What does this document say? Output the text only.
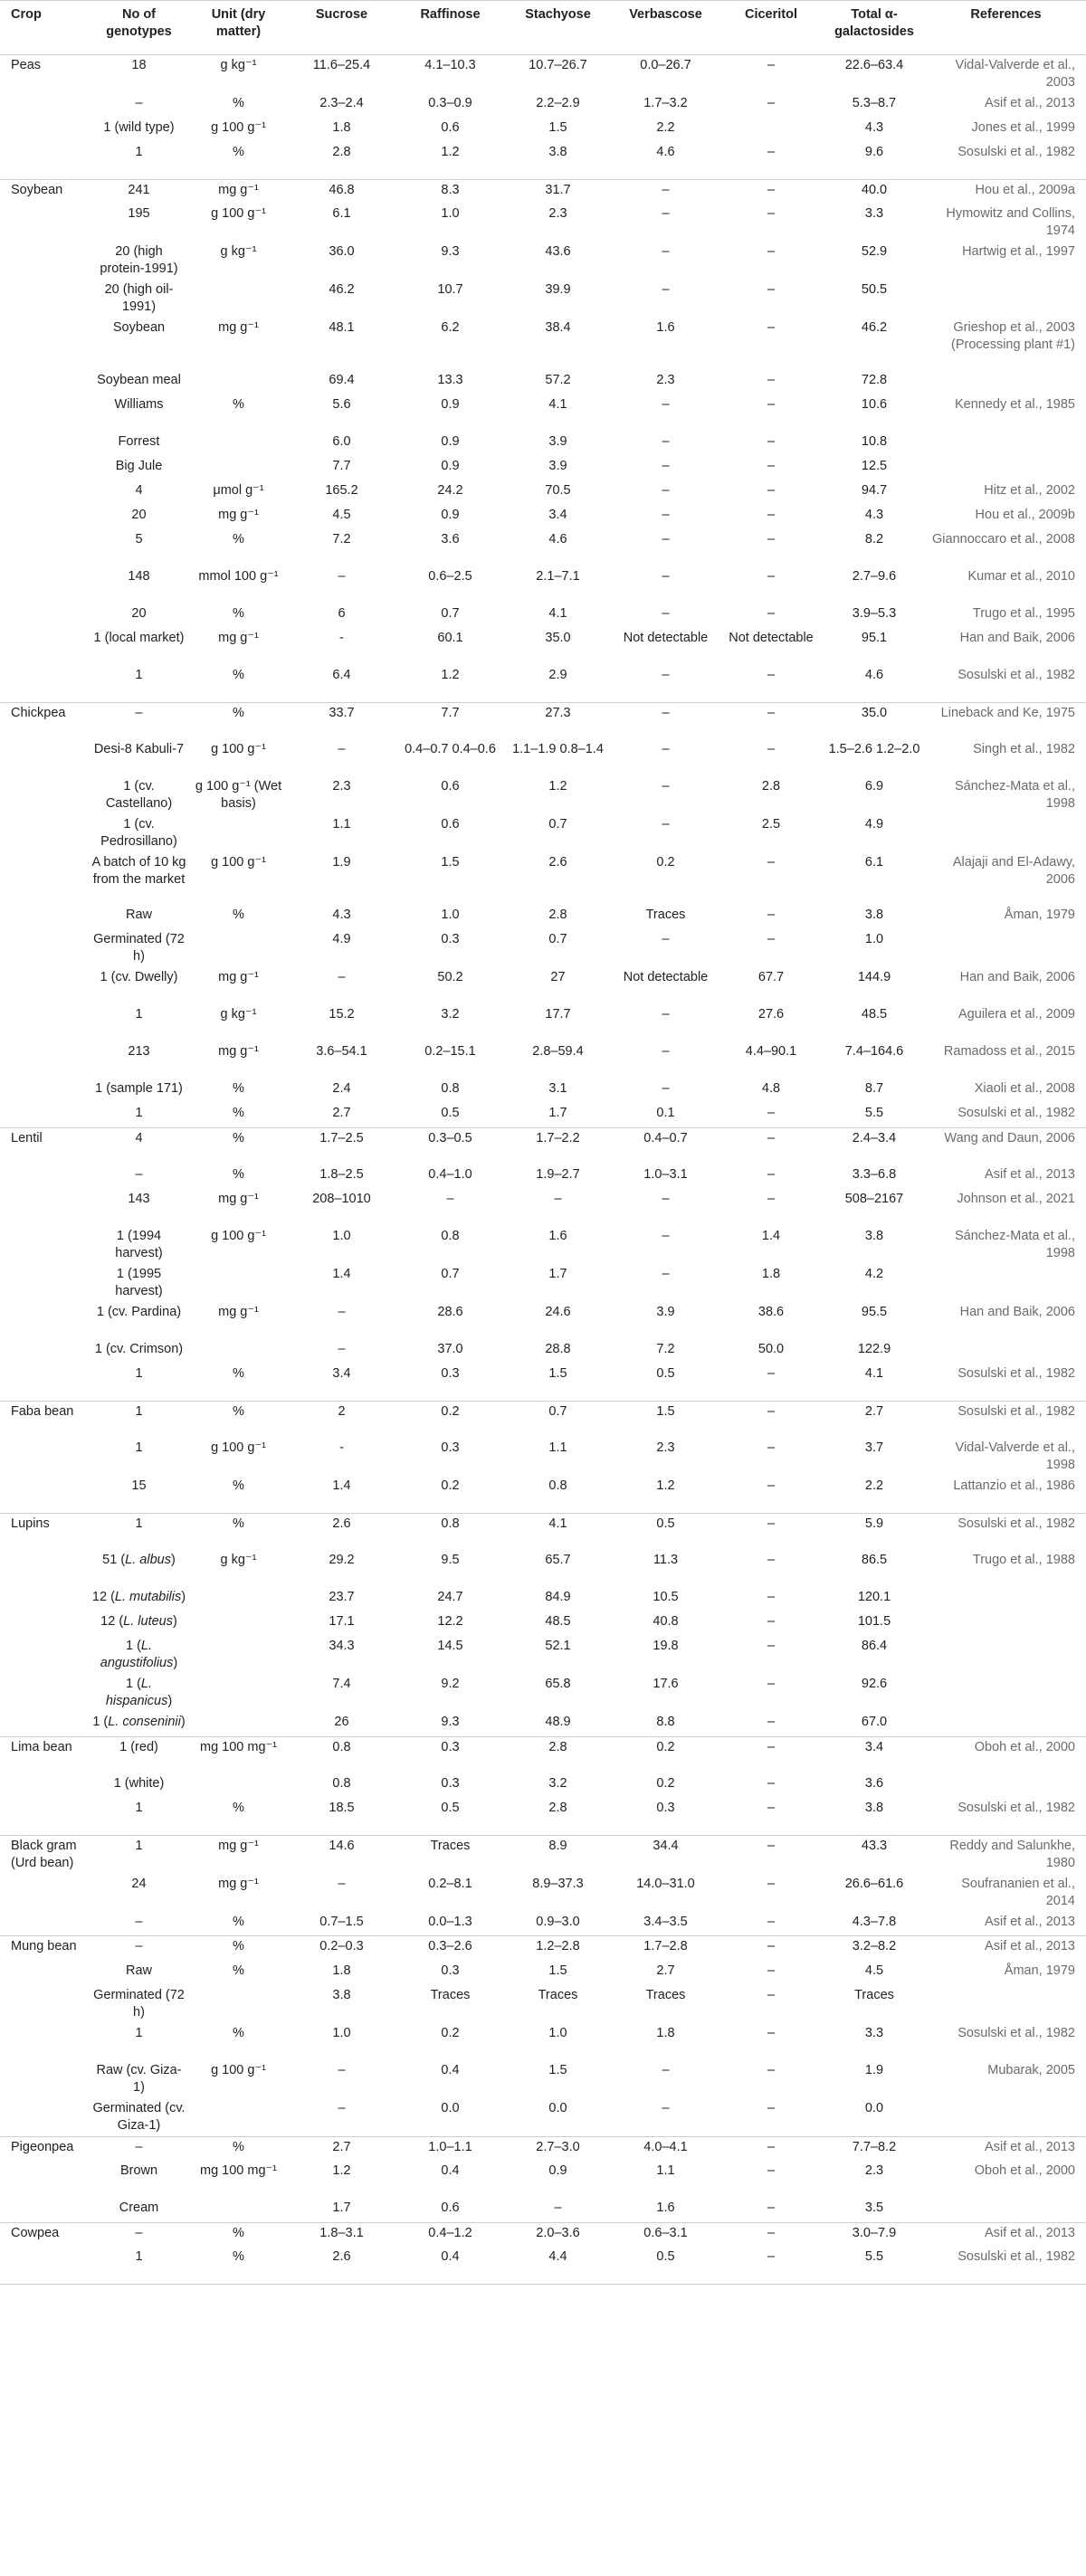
Crop	No of genotypes	Unit (dry matter)	Sucrose	Raffinose	Stachyose	Verbascose	Ciceritol	Total α-galactosides	References
Peas	18	g kg⁻¹	11.6–25.4	4.1–10.3	10.7–26.7	0.0–26.7	–	22.6–63.4	Vidal-Valverde et al., 2003
	–	%	2.3–2.4	0.3–0.9	2.2–2.9	1.7–3.2	–	5.3–8.7	Asif et al., 2013
	1 (wild type)	g 100 g⁻¹	1.8	0.6	1.5	2.2		4.3	Jones et al., 1999
	1	%	2.8	1.2	3.8	4.6	–	9.6	Sosulski et al., 1982
Soybean	241	mg g⁻¹	46.8	8.3	31.7	–	–	40.0	Hou et al., 2009a
	195	g 100 g⁻¹	6.1	1.0	2.3	–	–	3.3	Hymowitz and Collins, 1974
	20 (high protein-1991)	g kg⁻¹	36.0	9.3	43.6	–	–	52.9	Hartwig et al., 1997
	20 (high oil-1991)		46.2	10.7	39.9	–	–	50.5	
	Soybean	mg g⁻¹	48.1	6.2	38.4	1.6	–	46.2	Grieshop et al., 2003 (Processing plant #1)
	Soybean meal		69.4	13.3	57.2	2.3	–	72.8	
	Williams	%	5.6	0.9	4.1	–	–	10.6	Kennedy et al., 1985
	Forrest		6.0	0.9	3.9	–	–	10.8	
	Big Jule		7.7	0.9	3.9	–	–	12.5	
	4	μmol g⁻¹	165.2	24.2	70.5	–	–	94.7	Hitz et al., 2002
	20	mg g⁻¹	4.5	0.9	3.4	–	–	4.3	Hou et al., 2009b
	5	%	7.2	3.6	4.6	–	–	8.2	Giannoccaro et al., 2008
	148	mmol 100 g⁻¹	–	0.6–2.5	2.1–7.1	–	–	2.7–9.6	Kumar et al., 2010
	20	%	6	0.7	4.1	–	–	3.9–5.3	Trugo et al., 1995
	1 (local market)	mg g⁻¹	-	60.1	35.0	Not detectable	Not detectable	95.1	Han and Baik, 2006
	1	%	6.4	1.2	2.9	–	–	4.6	Sosulski et al., 1982
Chickpea	–	%	33.7	7.7	27.3	–	–	35.0	Lineback and Ke, 1975
	Desi-8 Kabuli-7	g 100 g⁻¹	–	0.4–0.7 0.4–0.6	1.1–1.9 0.8–1.4	–	–	1.5–2.6 1.2–2.0	Singh et al., 1982
	1 (cv. Castellano)	g 100 g⁻¹ (Wet basis)	2.3	0.6	1.2	–	2.8	6.9	Sánchez-Mata et al., 1998
	1 (cv. Pedrosillano)		1.1	0.6	0.7	–	2.5	4.9	
	A batch of 10 kg from the market	g 100 g⁻¹	1.9	1.5	2.6	0.2	–	6.1	Alajaji and El-Adawy, 2006
	Raw	%	4.3	1.0	2.8	Traces	–	3.8	Åman, 1979
	Germinated (72 h)		4.9	0.3	0.7	–	–	1.0	
	1 (cv. Dwelly)	mg g⁻¹	–	50.2	27	Not detectable	67.7	144.9	Han and Baik, 2006
	1	g kg⁻¹	15.2	3.2	17.7	–	27.6	48.5	Aguilera et al., 2009
	213	mg g⁻¹	3.6–54.1	0.2–15.1	2.8–59.4	–	4.4–90.1	7.4–164.6	Ramadoss et al., 2015
	1 (sample 171)	%	2.4	0.8	3.1	–	4.8	8.7	Xiaoli et al., 2008
	1	%	2.7	0.5	1.7	0.1	–	5.5	Sosulski et al., 1982
Lentil	4	%	1.7–2.5	0.3–0.5	1.7–2.2	0.4–0.7	–	2.4–3.4	Wang and Daun, 2006
	–	%	1.8–2.5	0.4–1.0	1.9–2.7	1.0–3.1	–	3.3–6.8	Asif et al., 2013
	143	mg g⁻¹	208–1010	–	–	–	–	508–2167	Johnson et al., 2021
	1 (1994 harvest)	g 100 g⁻¹	1.0	0.8	1.6	–	1.4	3.8	Sánchez-Mata et al., 1998
	1 (1995 harvest)		1.4	0.7	1.7	–	1.8	4.2	
	1 (cv. Pardina)	mg g⁻¹	–	28.6	24.6	3.9	38.6	95.5	Han and Baik, 2006
	1 (cv. Crimson)		–	37.0	28.8	7.2	50.0	122.9	
	1	%	3.4	0.3	1.5	0.5	–	4.1	Sosulski et al., 1982
Faba bean	1	%	2	0.2	0.7	1.5	–	2.7	Sosulski et al., 1982
	1	g 100 g⁻¹	-	0.3	1.1	2.3	–	3.7	Vidal-Valverde et al., 1998
	15	%	1.4	0.2	0.8	1.2	–	2.2	Lattanzio et al., 1986
Lupins	1	%	2.6	0.8	4.1	0.5	–	5.9	Sosulski et al., 1982
	51 (L. albus)	g kg⁻¹	29.2	9.5	65.7	11.3	–	86.5	Trugo et al., 1988
	12 (L. mutabilis)		23.7	24.7	84.9	10.5	–	120.1	
	12 (L. luteus)		17.1	12.2	48.5	40.8	–	101.5	
	1 (L. angustifolius)		34.3	14.5	52.1	19.8	–	86.4	
	1 (L. hispanicus)		7.4	9.2	65.8	17.6	–	92.6	
	1 (L. conseninii)		26	9.3	48.9	8.8	–	67.0	
Lima bean	1 (red)	mg 100 mg⁻¹	0.8	0.3	2.8	0.2	–	3.4	Oboh et al., 2000
	1 (white)		0.8	0.3	3.2	0.2	–	3.6	
	1	%	18.5	0.5	2.8	0.3	–	3.8	Sosulski et al., 1982
Black gram (Urd bean)	1	mg g⁻¹	14.6	Traces	8.9	34.4	–	43.3	Reddy and Salunkhe, 1980
	24	mg g⁻¹	–	0.2–8.1	8.9–37.3	14.0–31.0	–	26.6–61.6	Soufrananien et al., 2014
	–	%	0.7–1.5	0.0–1.3	0.9–3.0	3.4–3.5	–	4.3–7.8	Asif et al., 2013
Mung bean	–	%	0.2–0.3	0.3–2.6	1.2–2.8	1.7–2.8	–	3.2–8.2	Asif et al., 2013
	Raw	%	1.8	0.3	1.5	2.7	–	4.5	Åman, 1979
	Germinated (72 h)		3.8	Traces	Traces	Traces	–	Traces	
	1	%	1.0	0.2	1.0	1.8	–	3.3	Sosulski et al., 1982
	Raw (cv. Giza-1)	g 100 g⁻¹	–	0.4	1.5	–	–	1.9	Mubarak, 2005
	Germinated (cv. Giza-1)		–	0.0	0.0	–	–	0.0	
Pigeonpea	–	%	2.7	1.0–1.1	2.7–3.0	4.0–4.1	–	7.7–8.2	Asif et al., 2013
	Brown	mg 100 mg⁻¹	1.2	0.4	0.9	1.1	–	2.3	Oboh et al., 2000
	Cream		1.7	0.6	–	1.6	–	3.5	
Cowpea	–	%	1.8–3.1	0.4–1.2	2.0–3.6	0.6–3.1	–	3.0–7.9	Asif et al., 2013
	1	%	2.6	0.4	4.4	0.5	–	5.5	Sosulski et al., 1982
